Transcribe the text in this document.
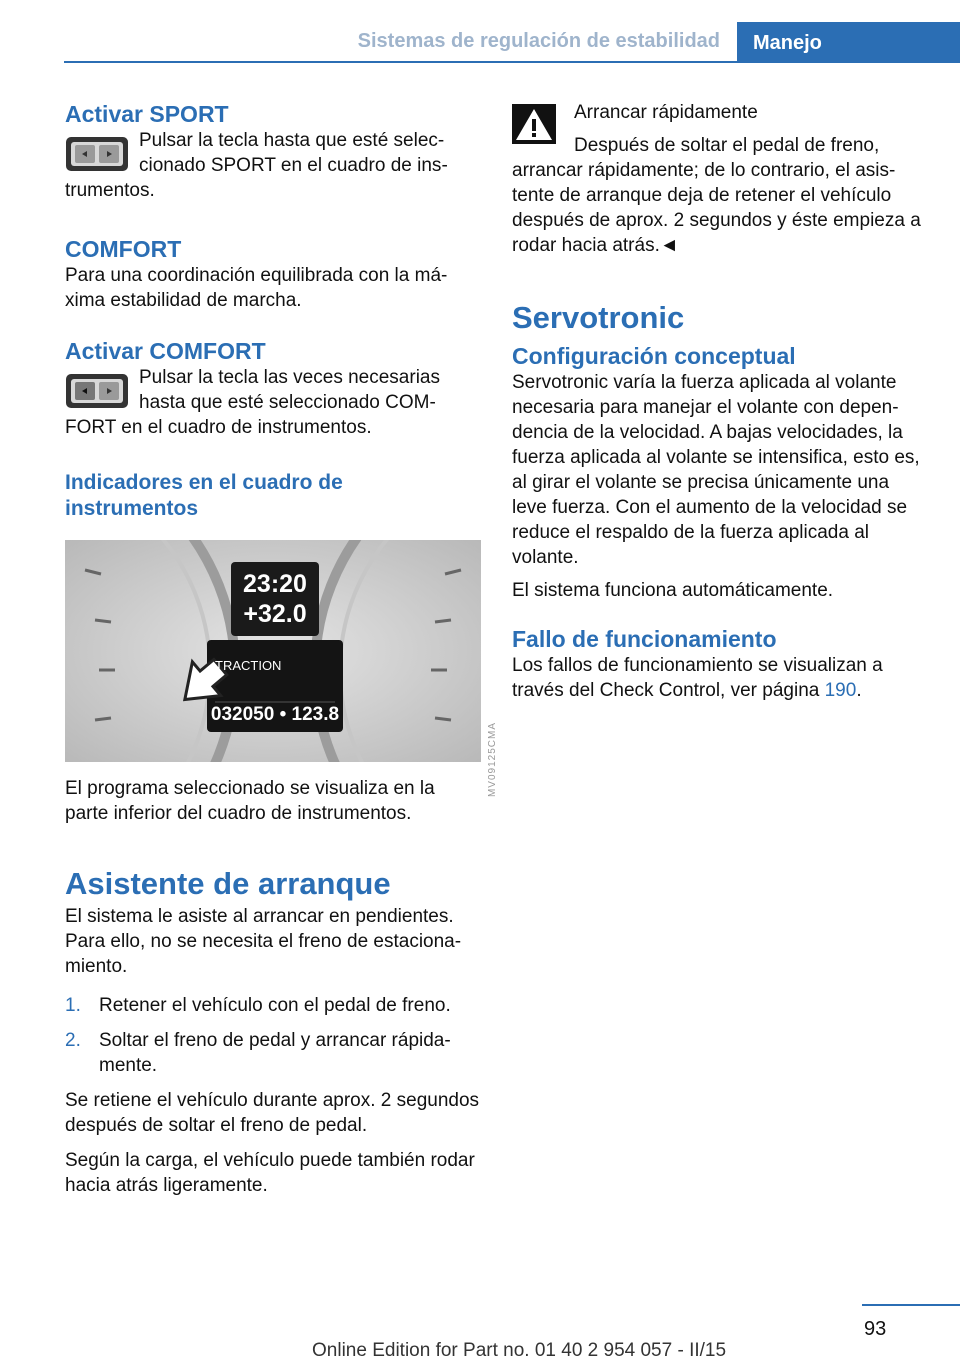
Sistemas de regulación de estabilidad	Manejo
Activar SPORT

Pulsar la tecla hasta que esté seleccionado SPORT en el cuadro de instrumentos.

COMFORT

Para una coordinación equilibrada con la máxima estabilidad de marcha.

Activar COMFORT

Pulsar la tecla las veces necesarias hasta que esté seleccionado COMFORT en el cuadro de instrumentos.

Indicadores en el cuadro de instrumentos
23:20
+32.0
TRACTION
032050 • 123.8

El programa seleccionado se visualiza en la parte inferior del cuadro de instrumentos.

Asistente de arranque

El sistema le asiste al arrancar en pendientes. Para ello, no se necesita el freno de estacionamiento.

1. Retener el vehículo con el pedal de freno.
2. Soltar el freno de pedal y arrancar rápidamente.

Se retiene el vehículo durante aprox. 2 segundos después de soltar el freno de pedal.

Según la carga, el vehículo puede también rodar hacia atrás ligeramente.

MV09125CMA

Arrancar rápidamente

Después de soltar el pedal de freno, arrancar rápidamente; de lo contrario, el asistente de arranque deja de retener el vehículo después de aprox. 2 segundos y éste empieza a rodar hacia atrás.◄

Servotronic
Configuración conceptual

Servotronic varía la fuerza aplicada al volante necesaria para manejar el volante con dependencia de la velocidad. A bajas velocidades, la fuerza aplicada al volante se intensifica, esto es, al girar el volante se precisa únicamente una leve fuerza. Con el aumento de la velocidad se reduce el respaldo de la fuerza aplicada al volante.

El sistema funciona automáticamente.

Fallo de funcionamiento

Los fallos de funcionamiento se visualizan a través del Check Control, ver página 190.

93
Online Edition for Part no. 01 40 2 954 057 - II/15
